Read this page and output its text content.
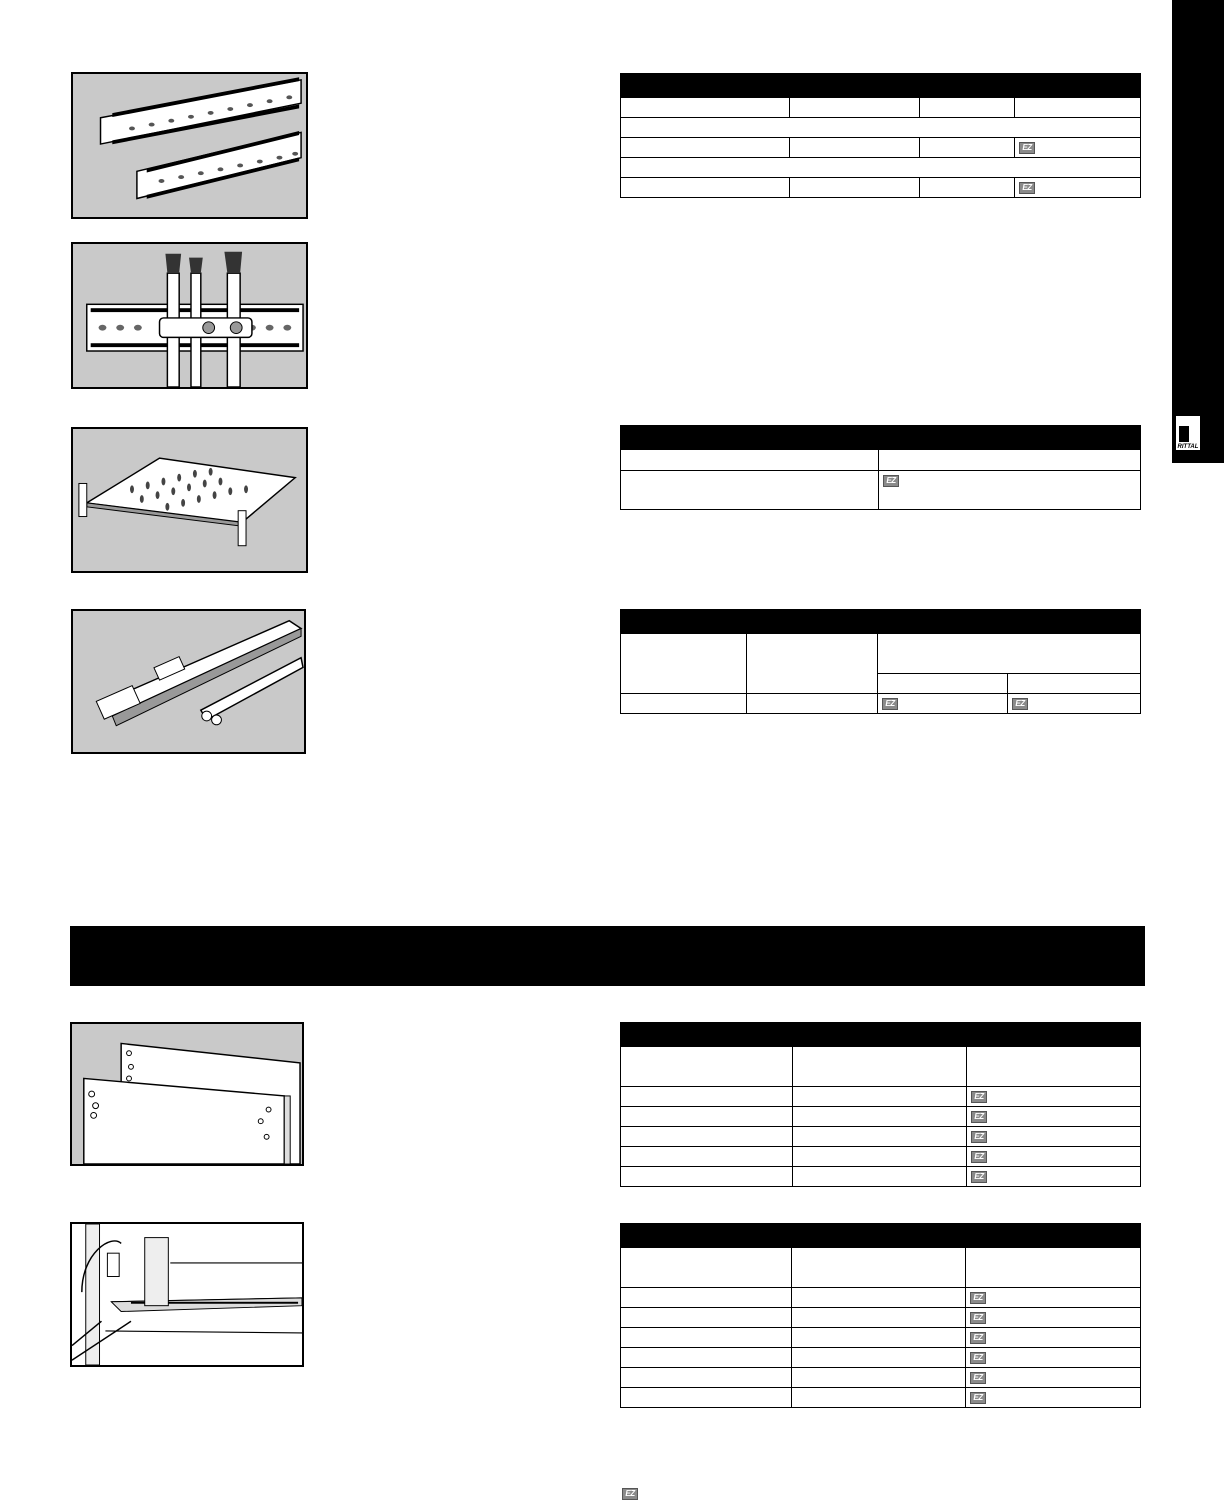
RITTAL

			EZ

			EZ

	EZ

		EZ	EZ

		EZ
		EZ
		EZ
		EZ
		EZ

		EZ
		EZ
		EZ
		EZ
		EZ
		EZ
EZ
